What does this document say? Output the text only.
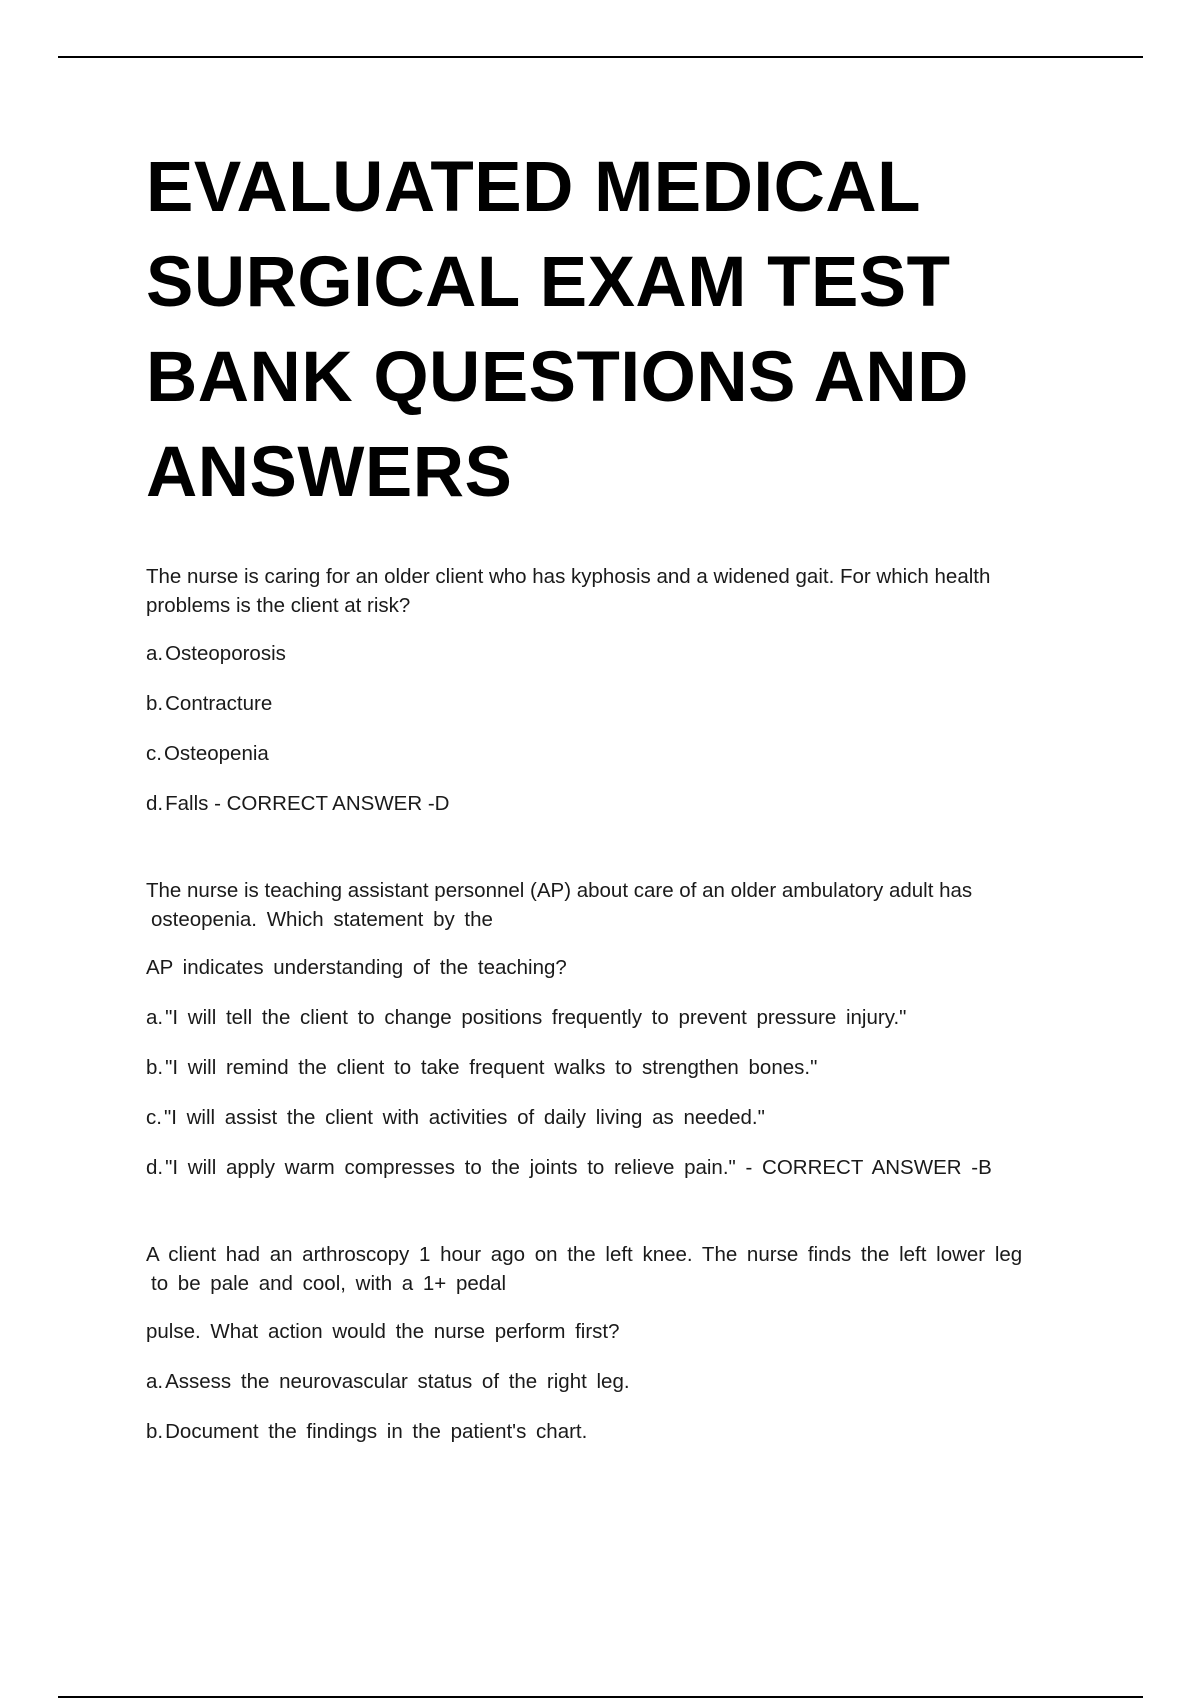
EVALUATED MEDICAL
SURGICAL EXAM TEST
BANK QUESTIONS AND
ANSWERS
The nurse is caring for an older client who has kyphosis and a widened gait. For which health
problems is the client at risk?
a.Osteoporosis
b.Contracture
c.Osteopenia
d.Falls - CORRECT ANSWER -D
The nurse is teaching assistant personnel (AP) about care of an older ambulatory adult has
osteopenia. Which statement by the
AP indicates understanding of the teaching?
a."I will tell the client to change positions frequently to prevent pressure injury."
b."I will remind the client to take frequent walks to strengthen bones."
c."I will assist the client with activities of daily living as needed."
d."I will apply warm compresses to the joints to relieve pain." - CORRECT ANSWER -B
A client had an arthroscopy 1 hour ago on the left knee. The nurse finds the left lower leg
to be pale and cool, with a 1+ pedal
pulse. What action would the nurse perform first?
a.Assess the neurovascular status of the right leg.
b.Document the findings in the patient's chart.
